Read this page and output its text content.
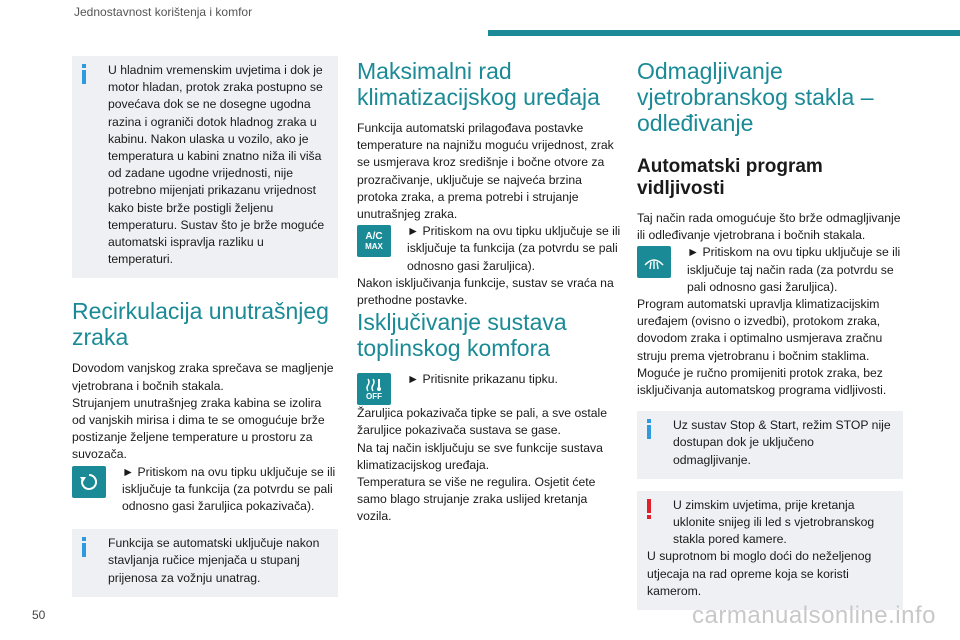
Jednostavnost korištenja i komfor

U hladnim vremenskim uvjetima i dok je motor hladan, protok zraka postupno se povećava dok se ne dosegne ugodna razina i ograniči dotok hladnog zraka u kabinu. Nakon ulaska u vozilo, ako je temperatura u kabini znatno niža ili viša od zadane ugodne vrijednosti, nije potrebno mijenjati prikazanu vrijednost kako biste brže postigli željenu temperaturu. Sustav što je brže moguće automatski ispravlja razliku u temperaturi.

Recirkulacija unutrašnjeg zraka

Dovodom vanjskog zraka sprečava se magljenje vjetrobrana i bočnih stakala.

Strujanjem unutrašnjeg zraka kabina se izolira od vanjskih mirisa i dima te se omogućuje brže postizanje željene temperature u prostoru za suvozača.

► Pritiskom na ovu tipku uključuje se ili isključuje ta funkcija (za potvrdu se pali odnosno gasi žaruljica pokazivača).

Funkcija se automatski uključuje nakon stavljanja ručice mjenjača u stupanj prijenosa za vožnju unatrag.

Maksimalni rad klimatizacijskog uređaja

Funkcija automatski prilagođava postavke temperature na najnižu moguću vrijednost, zrak se usmjerava kroz središnje i bočne otvore za prozračivanje, uključuje se najveća brzina protoka zraka, a prema potrebi i strujanje unutrašnjeg zraka.

A/C
MAX

► Pritiskom na ovu tipku uključuje se ili isključuje ta funkcija (za potvrdu se pali odnosno gasi žaruljica).

Nakon isključivanja funkcije, sustav se vraća na prethodne postavke.

Isključivanje sustava toplinskog komfora
OFF

► Pritisnite prikazanu tipku.

Žaruljica pokazivača tipke se pali, a sve ostale žaruljice pokazivača sustava se gase.

Na taj način isključuju se sve funkcije sustava klimatizacijskog uređaja.

Temperatura se više ne regulira. Osjetit ćete samo blago strujanje zraka uslijed kretanja vozila.

Odmagljivanje vjetrobranskog stakla – odleđivanje
Automatski program vidljivosti

Taj način rada omogućuje što brže odmagljivanje ili odleđivanje vjetrobrana i bočnih stakala.

► Pritiskom na ovu tipku uključuje se ili isključuje taj način rada (za potvrdu se pali odnosno gasi žaruljica).

Program automatski upravlja klimatizacijskim uređajem (ovisno o izvedbi), protokom zraka, dovodom zraka i optimalno usmjerava zračnu struju prema vjetrobranu i bočnim staklima.

Moguće je ručno promijeniti protok zraka, bez isključivanja automatskog programa vidljivosti.

Uz sustav Stop & Start, režim STOP nije dostupan dok je uključeno odmagljivanje.

U zimskim uvjetima, prije kretanja uklonite snijeg ili led s vjetrobranskog stakla pored kamere.

U suprotnom bi moglo doći do neželjenog utjecaja na rad opreme koja se koristi kamerom.

50	carmanualsonline.info
